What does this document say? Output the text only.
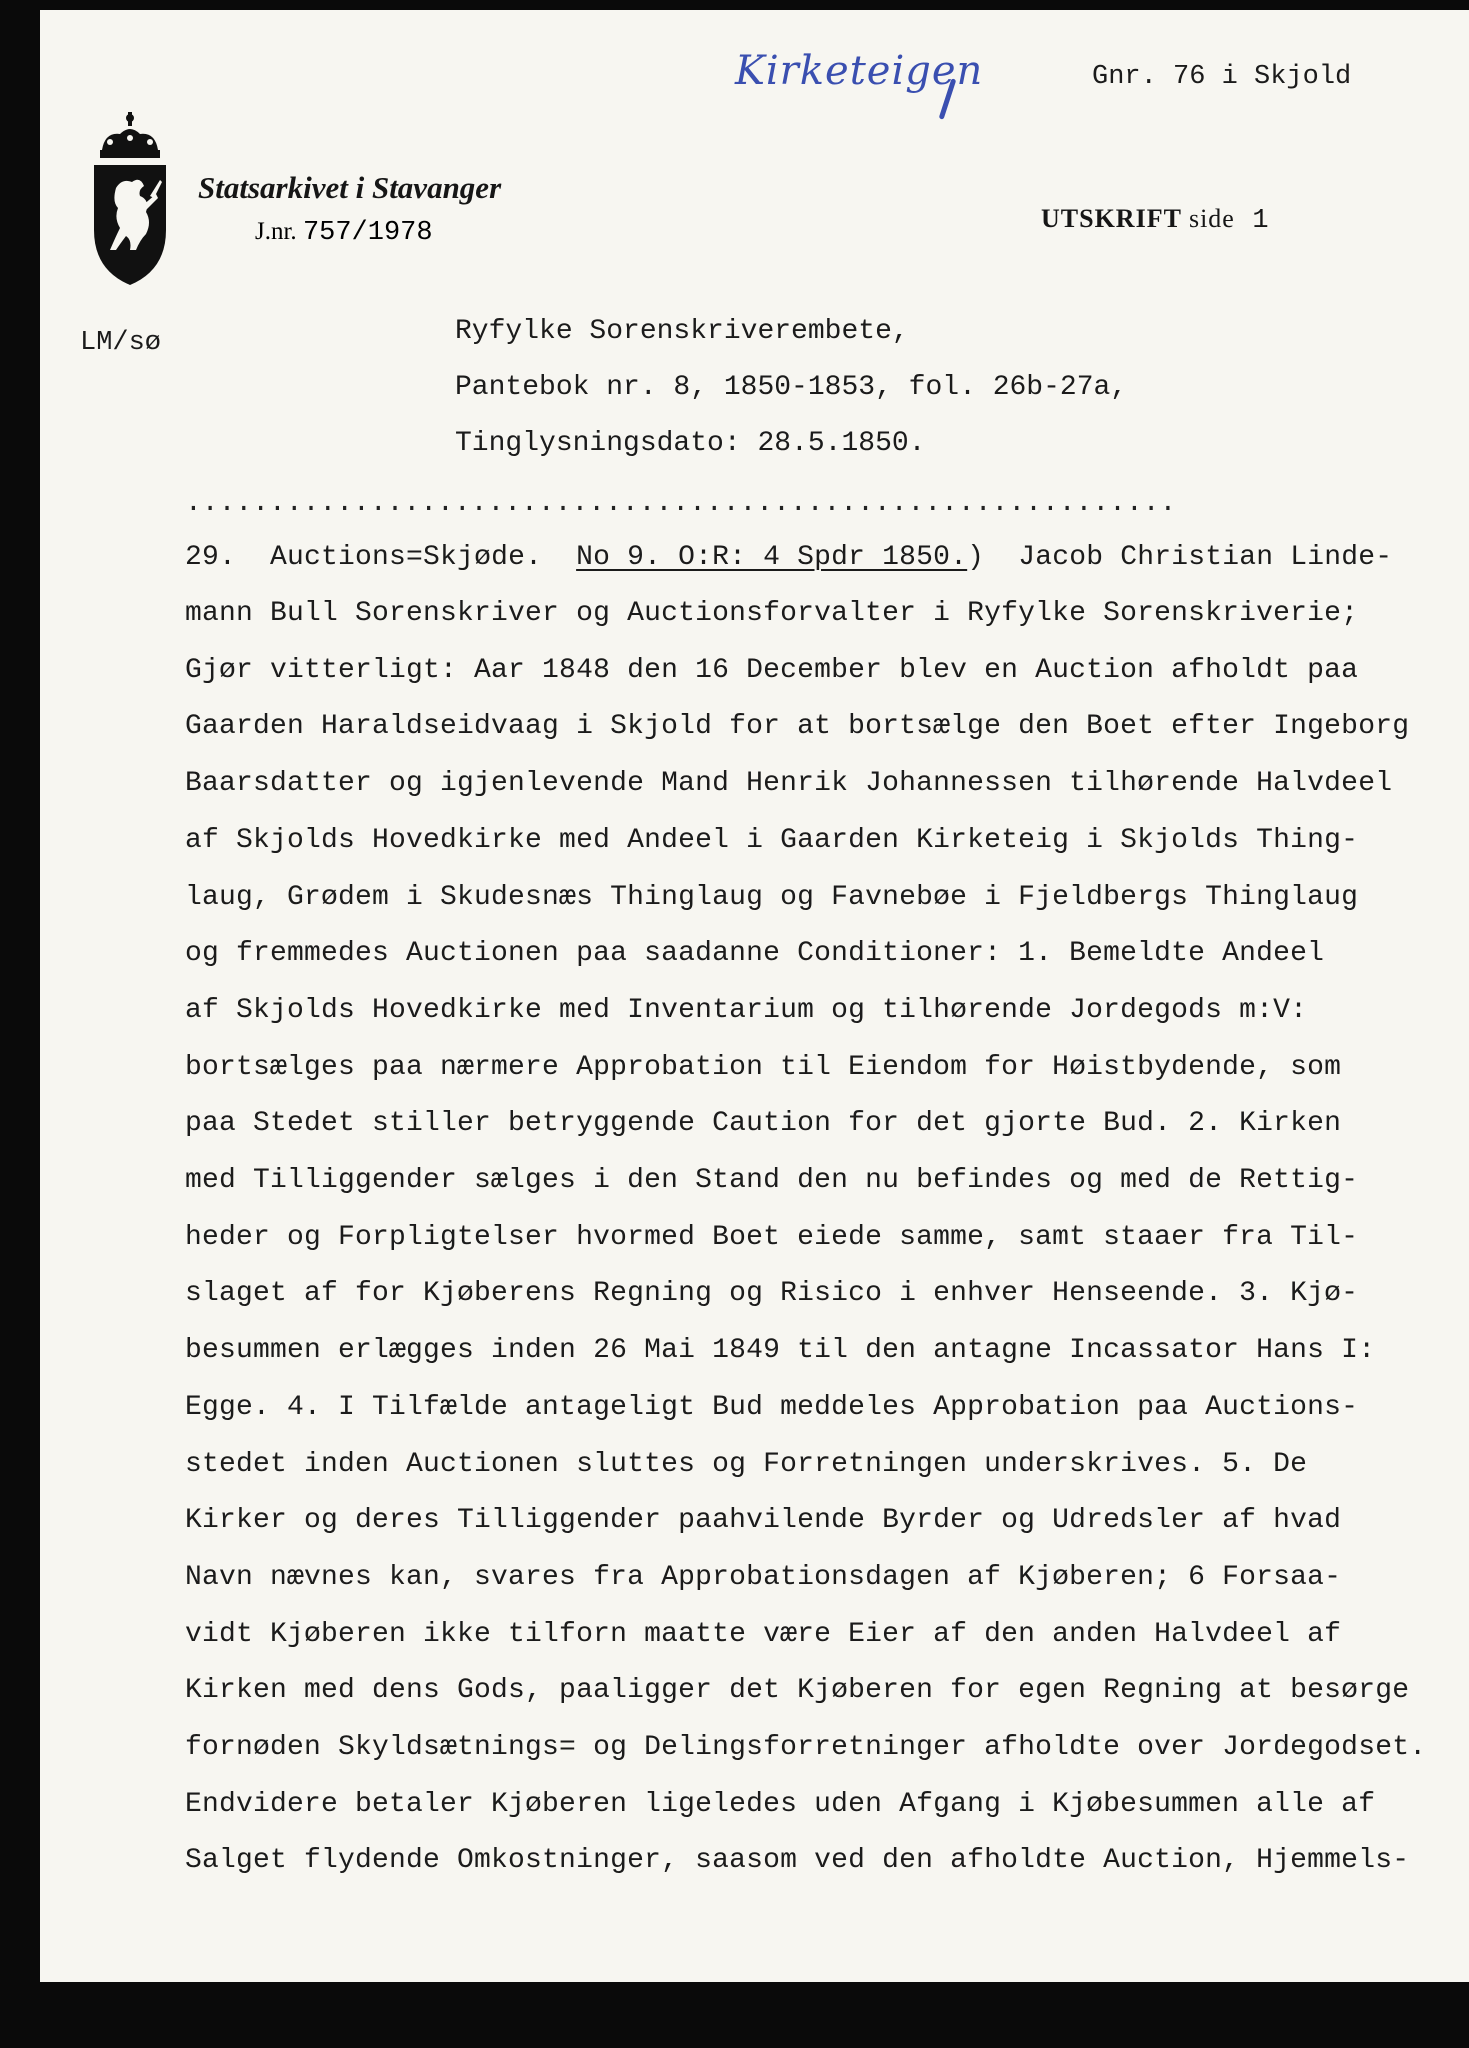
Kirketeigen	Gnr. 76 i Skjold
Statsarkivet i Stavanger
J.nr. 757/1978	UTSKRIFT side 1
LM/sø	Ryfylke Sorenskriverembete,
Pantebok nr. 8, 1850-1853, fol. 26b-27a,
Tinglysningsdato: 28.5.1850.
...........................................................
29. Auctions=Skjøde. No 9. O:R: 4 Spdr 1850.) Jacob Christian Linde-
mann Bull Sorenskriver og Auctionsforvalter i Ryfylke Sorenskriverie;
Gjør vitterligt: Aar 1848 den 16 December blev en Auction afholdt paa
Gaarden Haraldseidvaag i Skjold for at bortsælge den Boet efter Ingeborg
Baarsdatter og igjenlevende Mand Henrik Johannessen tilhørende Halvdeel
af Skjolds Hovedkirke med Andeel i Gaarden Kirketeig i Skjolds Thing-
laug, Grødem i Skudesnæs Thinglaug og Favnebøe i Fjeldbergs Thinglaug
og fremmedes Auctionen paa saadanne Conditioner: 1. Bemeldte Andeel
af Skjolds Hovedkirke med Inventarium og tilhørende Jordegods m:V:
bortsælges paa nærmere Approbation til Eiendom for Høistbydende, som
paa Stedet stiller betryggende Caution for det gjorte Bud. 2. Kirken
med Tilliggender sælges i den Stand den nu befindes og med de Rettig-
heder og Forpligtelser hvormed Boet eiede samme, samt staaer fra Til-
slaget af for Kjøberens Regning og Risico i enhver Henseende. 3. Kjø-
besummen erlægges inden 26 Mai 1849 til den antagne Incassator Hans I:
Egge. 4. I Tilfælde antageligt Bud meddeles Approbation paa Auctions-
stedet inden Auctionen sluttes og Forretningen underskrives. 5. De
Kirker og deres Tilliggender paahvilende Byrder og Udredsler af hvad
Navn nævnes kan, svares fra Approbationsdagen af Kjøberen; 6 Forsaa-
vidt Kjøberen ikke tilforn maatte være Eier af den anden Halvdeel af
Kirken med dens Gods, paaligger det Kjøberen for egen Regning at besørge
fornøden Skyldsætnings= og Delingsforretninger afholdte over Jordegodset.
Endvidere betaler Kjøberen ligeledes uden Afgang i Kjøbesummen alle af
Salget flydende Omkostninger, saasom ved den afholdte Auction, Hjemmels-
